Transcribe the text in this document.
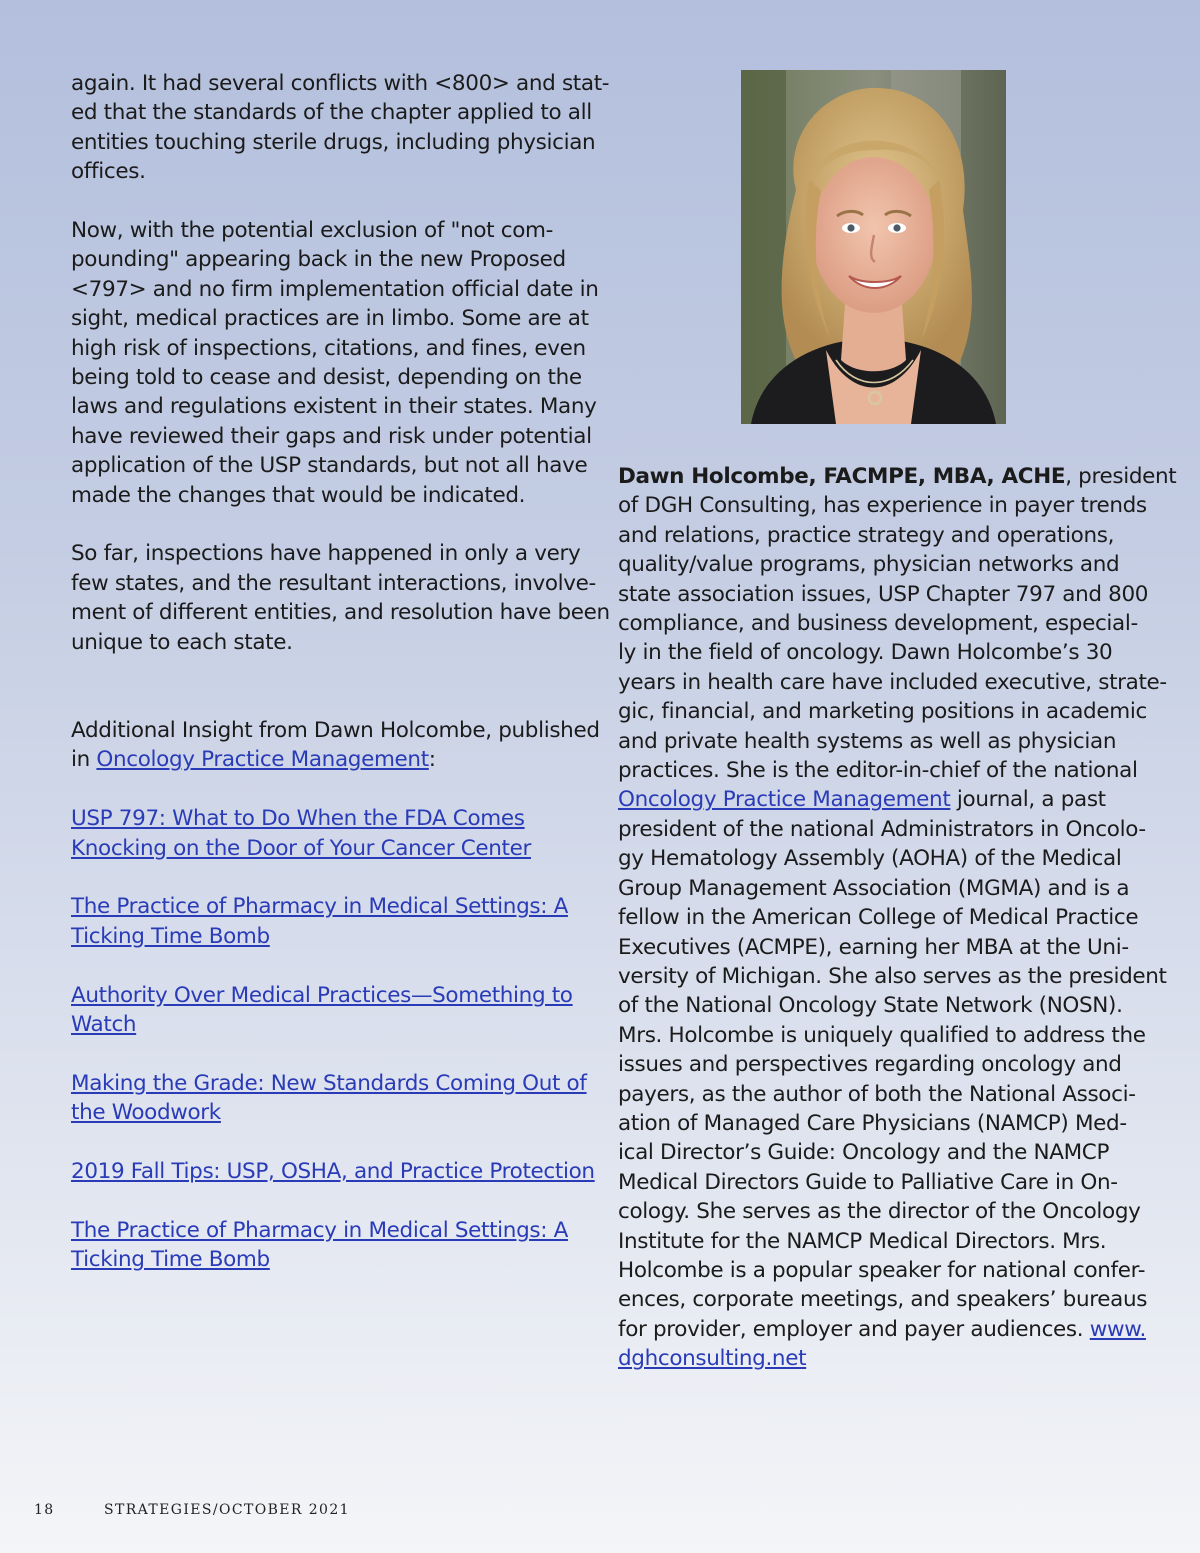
again. It had several conflicts with <800> and stat-
ed that the standards of the chapter applied to all
entities touching sterile drugs, including physician
offices.
Now, with the potential exclusion of "not com-
pounding" appearing back in the new Proposed
<797> and no firm implementation official date in
sight, medical practices are in limbo. Some are at
high risk of inspections, citations, and fines, even
being told to cease and desist, depending on the
laws and regulations existent in their states. Many
have reviewed their gaps and risk under potential
application of the USP standards, but not all have
made the changes that would be indicated.
So far, inspections have happened in only a very
few states, and the resultant interactions, involve-
ment of different entities, and resolution have been
unique to each state.
Additional Insight from Dawn Holcombe, published
in Oncology Practice Management:
USP 797: What to Do When the FDA Comes
Knocking on the Door of Your Cancer Center
The Practice of Pharmacy in Medical Settings: A
Ticking Time Bomb
Authority Over Medical Practices—Something to
Watch
Making the Grade: New Standards Coming Out of
the Woodwork
2019 Fall Tips: USP, OSHA, and Practice Protection
The Practice of Pharmacy in Medical Settings: A
Ticking Time Bomb
Dawn Holcombe, FACMPE, MBA, ACHE, president
of DGH Consulting, has experience in payer trends
and relations, practice strategy and operations,
quality/value programs, physician networks and
state association issues, USP Chapter 797 and 800
compliance, and business development, especial-
ly in the field of oncology. Dawn Holcombe’s 30
years in health care have included executive, strate-
gic, financial, and marketing positions in academic
and private health systems as well as physician
practices. She is the editor-in-chief of the national
Oncology Practice Management journal, a past
president of the national Administrators in Oncolo-
gy Hematology Assembly (AOHA) of the Medical
Group Management Association (MGMA) and is a
fellow in the American College of Medical Practice
Executives (ACMPE), earning her MBA at the Uni-
versity of Michigan. She also serves as the president
of the National Oncology State Network (NOSN).
Mrs. Holcombe is uniquely qualified to address the
issues and perspectives regarding oncology and
payers, as the author of both the National Associ-
ation of Managed Care Physicians (NAMCP) Med-
ical Director’s Guide: Oncology and the NAMCP
Medical Directors Guide to Palliative Care in On-
cology. She serves as the director of the Oncology
Institute for the NAMCP Medical Directors. Mrs.
Holcombe is a popular speaker for national confer-
ences, corporate meetings, and speakers’ bureaus
for provider, employer and payer audiences. www.
dghconsulting.net
18	STRATEGIES/OCTOBER 2021
